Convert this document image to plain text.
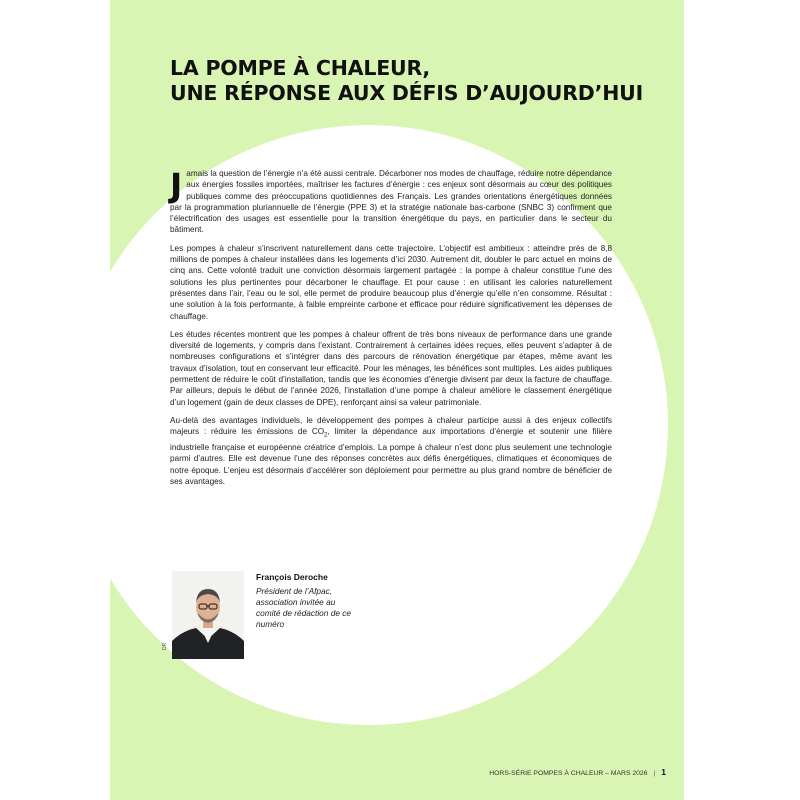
LA POMPE À CHALEUR,
UNE RÉPONSE AUX DÉFIS D’AUJOURD’HUI

Jamais la question de l’énergie n’a été aussi centrale. Décarboner nos modes de chauffage, réduire notre dépendance aux énergies fossiles importées, maîtriser les factures d’énergie : ces enjeux sont désormais au cœur des politiques publiques comme des préoccupations quotidiennes des Français. Les grandes orientations énergétiques données par la programmation pluriannuelle de l’énergie (PPE 3) et la stratégie nationale bas-carbone (SNBC 3) confirment que l’électrification des usages est essentielle pour la transition énergétique du pays, en particulier dans le secteur du bâtiment.

Les pompes à chaleur s’inscrivent naturellement dans cette trajectoire. L’objectif est ambitieux : atteindre près de 8,8 millions de pompes à chaleur installées dans les logements d’ici 2030. Autrement dit, doubler le parc actuel en moins de cinq ans. Cette volonté traduit une conviction désormais largement partagée : la pompe à chaleur constitue l’une des solutions les plus pertinentes pour décarboner le chauffage. Et pour cause : en utilisant les calories naturellement présentes dans l’air, l’eau ou le sol, elle permet de produire beaucoup plus d’énergie qu’elle n’en consomme. Résultat : une solution à la fois performante, à faible empreinte carbone et efficace pour réduire significativement les dépenses de chauffage.

Les études récentes montrent que les pompes à chaleur offrent de très bons niveaux de performance dans une grande diversité de logements, y compris dans l’existant. Contrairement à certaines idées reçues, elles peuvent s’adapter à de nombreuses configurations et s’intégrer dans des parcours de rénovation énergétique par étapes, même avant les travaux d’isolation, tout en conservant leur efficacité. Pour les ménages, les bénéfices sont multiples. Les aides publiques permettent de réduire le coût d’installation, tandis que les économies d’énergie divisent par deux la facture de chauffage. Par ailleurs, depuis le début de l’année 2026, l’installation d’une pompe à chaleur améliore le classement énergétique d’un logement (gain de deux classes de DPE), renforçant ainsi sa valeur patrimoniale.

Au-delà des avantages individuels, le développement des pompes à chaleur participe aussi à des enjeux collectifs majeurs : réduire les émissions de $CO_2$, limiter la dépendance aux importations d’énergie et soutenir une filière industrielle française et européenne créatrice d’emplois. La pompe à chaleur n’est donc plus seulement une technologie parmi d’autres. Elle est devenue l’une des réponses concrètes aux défis énergétiques, climatiques et économiques de notre époque. L’enjeu est désormais d’accélérer son déploiement pour permettre au plus grand nombre de bénéficier de ses avantages.

DR
François Deroche
Président de l’Afpac, association invitée au comité de rédaction de ce numéro
HORS-SÉRIE POMPES À CHALEUR – MARS 2026 | 1
